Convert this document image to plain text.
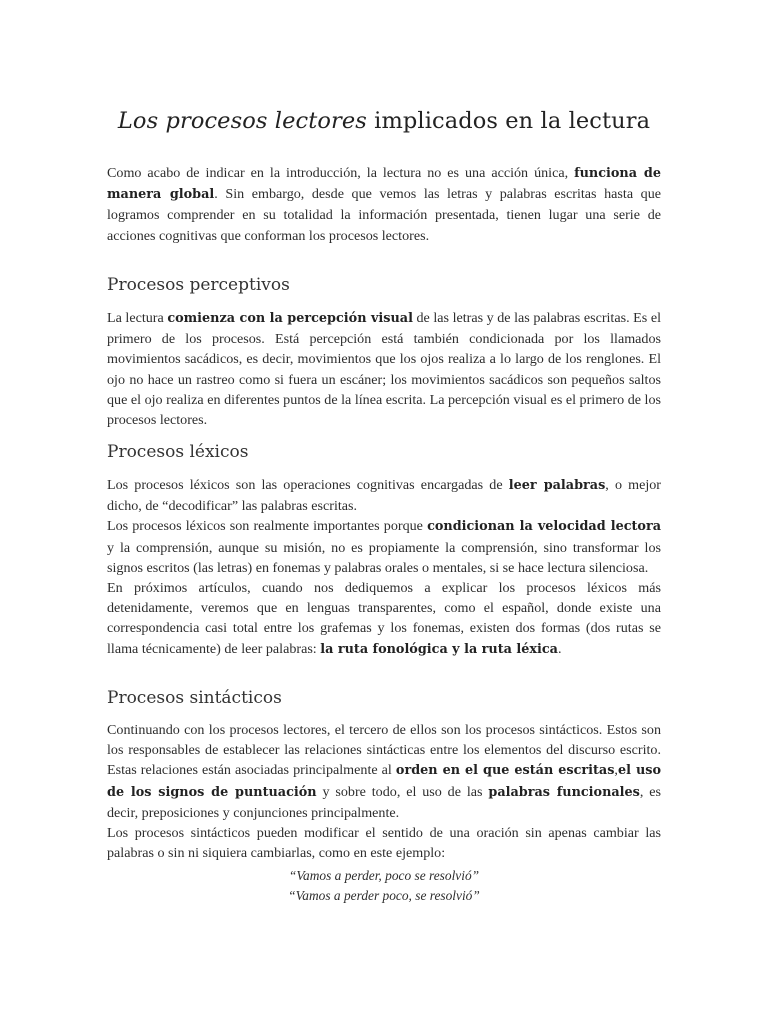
Los procesos lectores implicados en la lectura

Como acabo de indicar en la introducción, la lectura no es una acción única, funciona de manera global. Sin embargo, desde que vemos las letras y palabras escritas hasta que logramos comprender en su totalidad la información presentada, tienen lugar una serie de acciones cognitivas que conforman los procesos lectores.

Procesos perceptivos

La lectura comienza con la percepción visual de las letras y de las palabras escritas. Es el primero de los procesos. Está percepción está también condicionada por los llamados movimientos sacádicos, es decir, movimientos que los ojos realiza a lo largo de los renglones. El ojo no hace un rastreo como si fuera un escáner; los movimientos sacádicos son pequeños saltos que el ojo realiza en diferentes puntos de la línea escrita. La percepción visual es el primero de los procesos lectores.

Procesos léxicos
Los procesos léxicos son las operaciones cognitivas encargadas de leer palabras, o mejor dicho, de “decodificar” las palabras escritas.
Los procesos léxicos son realmente importantes porque condicionan la velocidad lectora y la comprensión, aunque su misión, no es propiamente la comprensión, sino transformar los signos escritos (las letras) en fonemas y palabras orales o mentales, si se hace lectura silenciosa.
En próximos artículos, cuando nos dediquemos a explicar los procesos léxicos más detenidamente, veremos que en lenguas transparentes, como el español, donde existe una correspondencia casi total entre los grafemas y los fonemas, existen dos formas (dos rutas se llama técnicamente) de leer palabras: la ruta fonológica y la ruta léxica.
Procesos sintácticos
Continuando con los procesos lectores, el tercero de ellos son los procesos sintácticos. Estos son los responsables de establecer las relaciones sintácticas entre los elementos del discurso escrito. Estas relaciones están asociadas principalmente al orden en el que están escritas,el uso de los signos de puntuación y sobre todo, el uso de las palabras funcionales, es decir, preposiciones y conjunciones principalmente.
Los procesos sintácticos pueden modificar el sentido de una oración sin apenas cambiar las palabras o sin ni siquiera cambiarlas, como en este ejemplo:
“Vamos a perder, poco se resolvió”
“Vamos a perder poco, se resolvió”
